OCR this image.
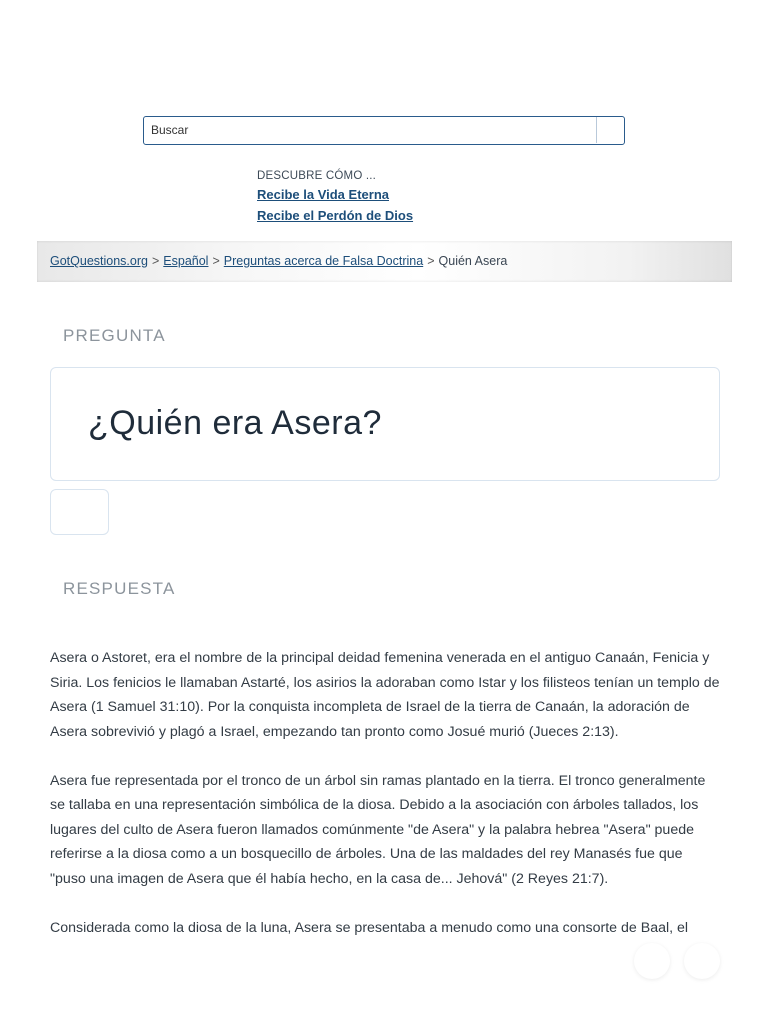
Buscar
DESCUBRE CÓMO ...
Recibe la Vida Eterna
Recibe el Perdón de Dios
GotQuestions.org > Español > Preguntas acerca de Falsa Doctrina > Quién Asera
PREGUNTA
¿Quién era Asera?
RESPUESTA

Asera o Astoret, era el nombre de la principal deidad femenina venerada en el antiguo Canaán, Fenicia y Siria. Los fenicios le llamaban Astarté, los asirios la adoraban como Istar y los filisteos tenían un templo de Asera (1 Samuel 31:10). Por la conquista incompleta de Israel de la tierra de Canaán, la adoración de Asera sobrevivió y plagó a Israel, empezando tan pronto como Josué murió (Jueces 2:13).

Asera fue representada por el tronco de un árbol sin ramas plantado en la tierra. El tronco generalmente se tallaba en una representación simbólica de la diosa. Debido a la asociación con árboles tallados, los lugares del culto de Asera fueron llamados comúnmente "de Asera" y la palabra hebrea "Asera" puede referirse a la diosa como a un bosquecillo de árboles. Una de las maldades del rey Manasés fue que "puso una imagen de Asera que él había hecho, en la casa de... Jehová" (2 Reyes 21:7).

Considerada como la diosa de la luna, Asera se presentaba a menudo como una consorte de Baal, el
